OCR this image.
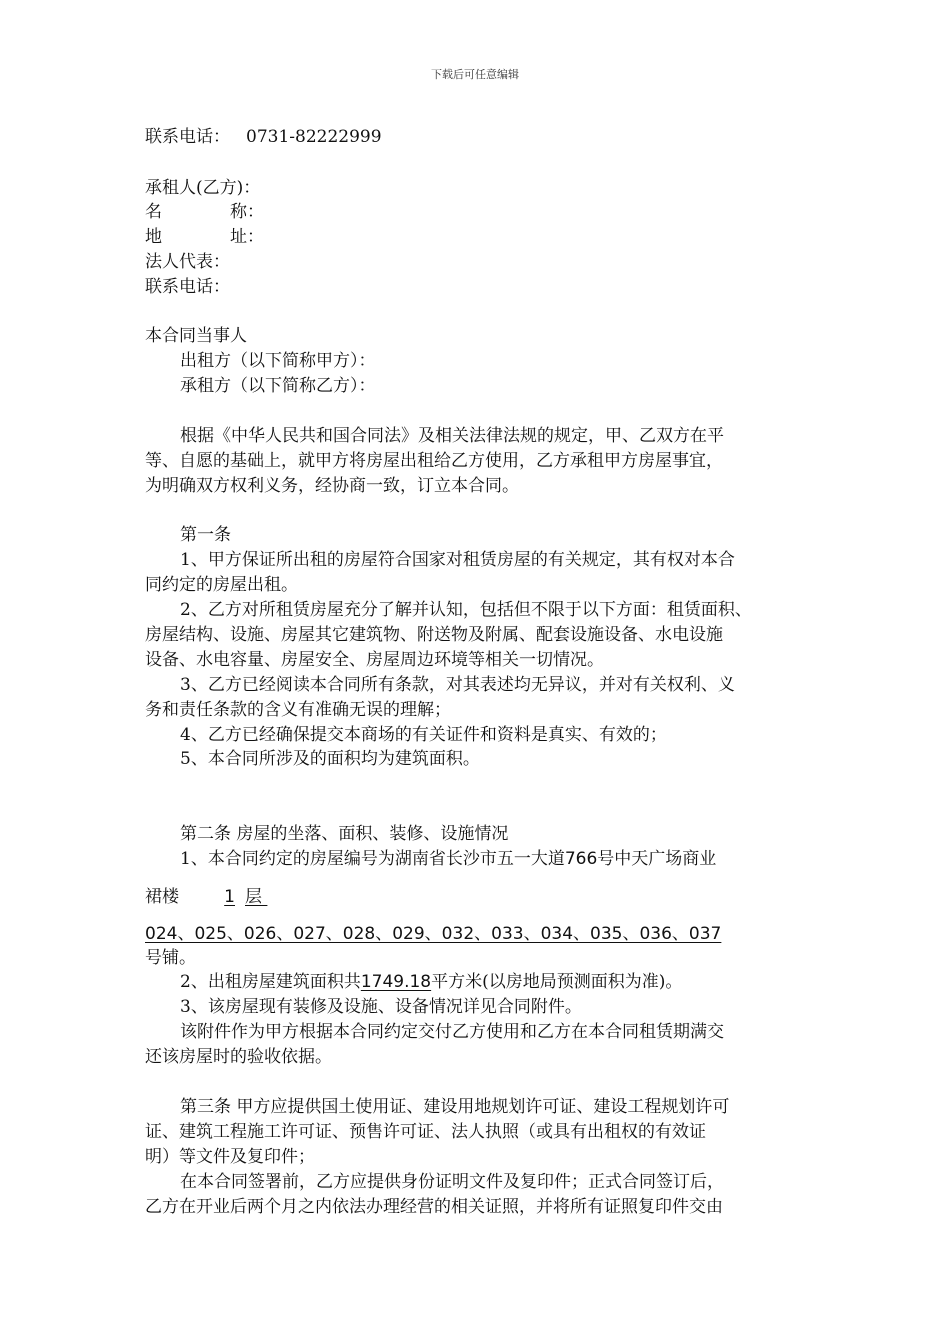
下载后可任意编辑
联系电话： 0731-82222999
承租人(乙方)：
名	称：
地	址：
法人代表：
联系电话：
本合同当事人
出租方（以下简称甲方）：
承租方（以下简称乙方）：
根据《中华人民共和国合同法》及相关法律法规的规定，甲、乙双方在平
等、自愿的基础上，就甲方将房屋出租给乙方使用，乙方承租甲方房屋事宜，
为明确双方权利义务，经协商一致，订立本合同。
第一条
1、甲方保证所出租的房屋符合国家对租赁房屋的有关规定，其有权对本合
同约定的房屋出租。
2、乙方对所租赁房屋充分了解并认知，包括但不限于以下方面：租赁面积、
房屋结构、设施、房屋其它建筑物、附送物及附属、配套设施设备、水电设施
设备、水电容量、房屋安全、房屋周边环境等相关一切情况。
3、乙方已经阅读本合同所有条款，对其表述均无异议，并对有关权利、义
务和责任条款的含义有准确无误的理解；
4、乙方已经确保提交本商场的有关证件和资料是真实、有效的；
5、本合同所涉及的面积均为建筑面积。
第二条 房屋的坐落、面积、装修、设施情况
1、本合同约定的房屋编号为湖南省长沙市五一大道766号中天广场商业
裙楼	1 层
024、025、026、027、028、029、032、033、034、035、036、037
号铺。
2、出租房屋建筑面积共1749.18平方米(以房地局预测面积为准)。
3、该房屋现有装修及设施、设备情况详见合同附件。
该附件作为甲方根据本合同约定交付乙方使用和乙方在本合同租赁期满交
还该房屋时的验收依据。
第三条 甲方应提供国土使用证、建设用地规划许可证、建设工程规划许可
证、建筑工程施工许可证、预售许可证、法人执照（或具有出租权的有效证
明）等文件及复印件；
在本合同签署前，乙方应提供身份证明文件及复印件；正式合同签订后，
乙方在开业后两个月之内依法办理经营的相关证照，并将所有证照复印件交由
